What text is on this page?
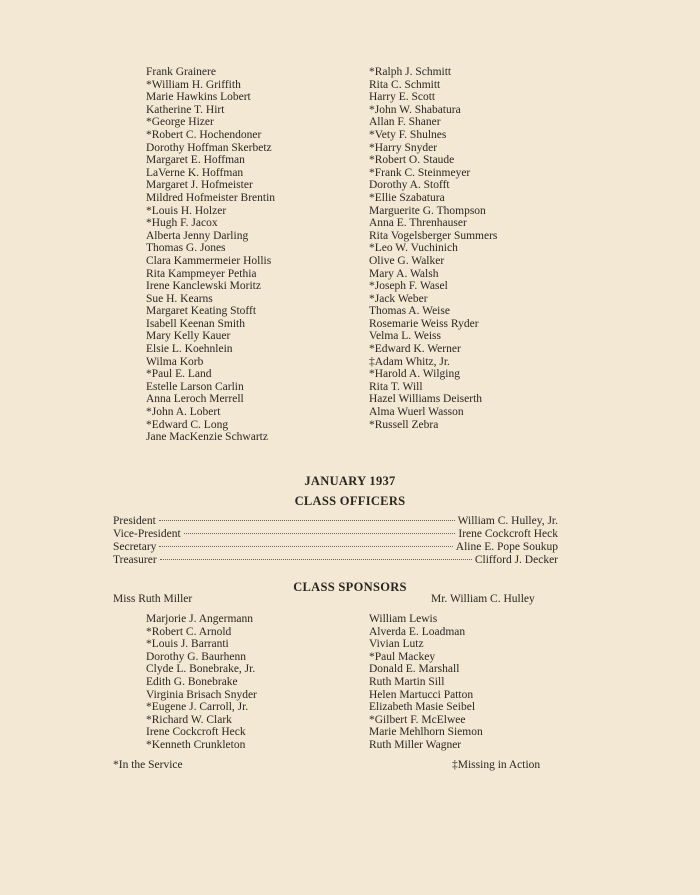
Frank Grainere
*William H. Griffith
Marie Hawkins Lobert
Katherine T. Hirt
*George Hizer
*Robert C. Hochendoner
Dorothy Hoffman Skerbetz
Margaret E. Hoffman
LaVerne K. Hoffman
Margaret J. Hofmeister
Mildred Hofmeister Brentin
*Louis H. Holzer
*Hugh F. Jacox
Alberta Jenny Darling
Thomas G. Jones
Clara Kammermeier Hollis
Rita Kampmeyer Pethia
Irene Kanclewski Moritz
Sue H. Kearns
Margaret Keating Stofft
Isabell Keenan Smith
Mary Kelly Kauer
Elsie L. Koehnlein
Wilma Korb
*Paul E. Land
Estelle Larson Carlin
Anna Leroch Merrell
*John A. Lobert
*Edward C. Long
Jane MacKenzie Schwartz
*Ralph J. Schmitt
Rita C. Schmitt
Harry E. Scott
*John W. Shabatura
Allan F. Shaner
*Vety F. Shulnes
*Harry Snyder
*Robert O. Staude
*Frank C. Steinmeyer
Dorothy A. Stofft
*Ellie Szabatura
Marguerite G. Thompson
Anna E. Threnhauser
Rita Vogelsberger Summers
*Leo W. Vuchinich
Olive G. Walker
Mary A. Walsh
*Joseph F. Wasel
*Jack Weber
Thomas A. Weise
Rosemarie Weiss Ryder
Velma L. Weiss
*Edward K. Werner
‡Adam Whitz, Jr.
*Harold A. Wilging
Rita T. Will
Hazel Williams Deiserth
Alma Wuerl Wasson
*Russell Zebra
JANUARY 1937
CLASS OFFICERS
President	William C. Hulley, Jr.
Vice-President	Irene Cockcroft Heck
Secretary	Aline E. Pope Soukup
Treasurer	Clifford J. Decker
CLASS SPONSORS
Miss Ruth Miller	Mr. William C. Hulley
Marjorie J. Angermann
*Robert C. Arnold
*Louis J. Barranti
Dorothy G. Baurhenn
Clyde L. Bonebrake, Jr.
Edith G. Bonebrake
Virginia Brisach Snyder
*Eugene J. Carroll, Jr.
*Richard W. Clark
Irene Cockcroft Heck
*Kenneth Crunkleton
William Lewis
Alverda E. Loadman
Vivian Lutz
*Paul Mackey
Donald E. Marshall
Ruth Martin Sill
Helen Martucci Patton
Elizabeth Masie Seibel
*Gilbert F. McElwee
Marie Mehlhorn Siemon
Ruth Miller Wagner
*In the Service	‡Missing in Action
